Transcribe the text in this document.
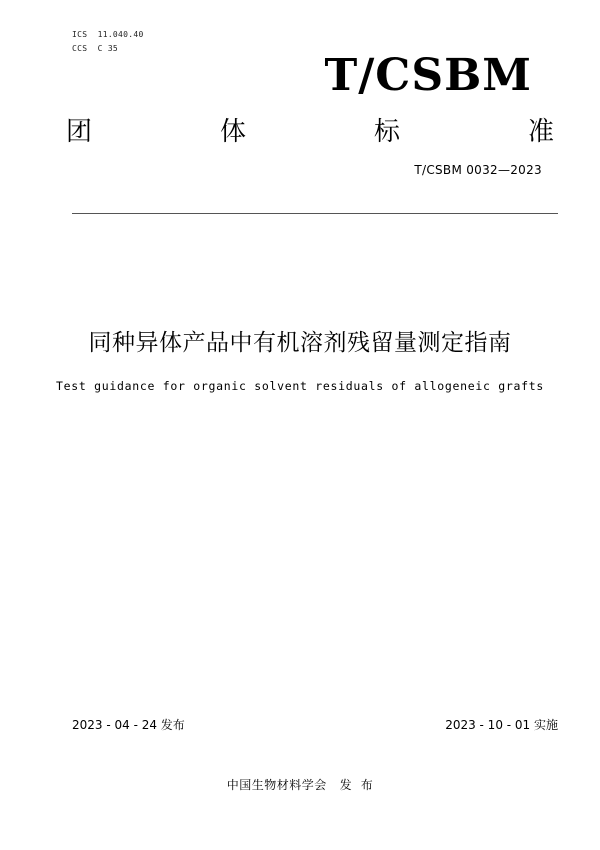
ICS  11.040.40
CCS  C 35
T/CSBM
团	体	标	准
T/CSBM 0032—2023
同种异体产品中有机溶剂残留量测定指南
Test guidance for organic solvent residuals of allogeneic grafts
2023 - 04 - 24 发布	2023 - 10 - 01 实施
中国生物材料学会   发  布
